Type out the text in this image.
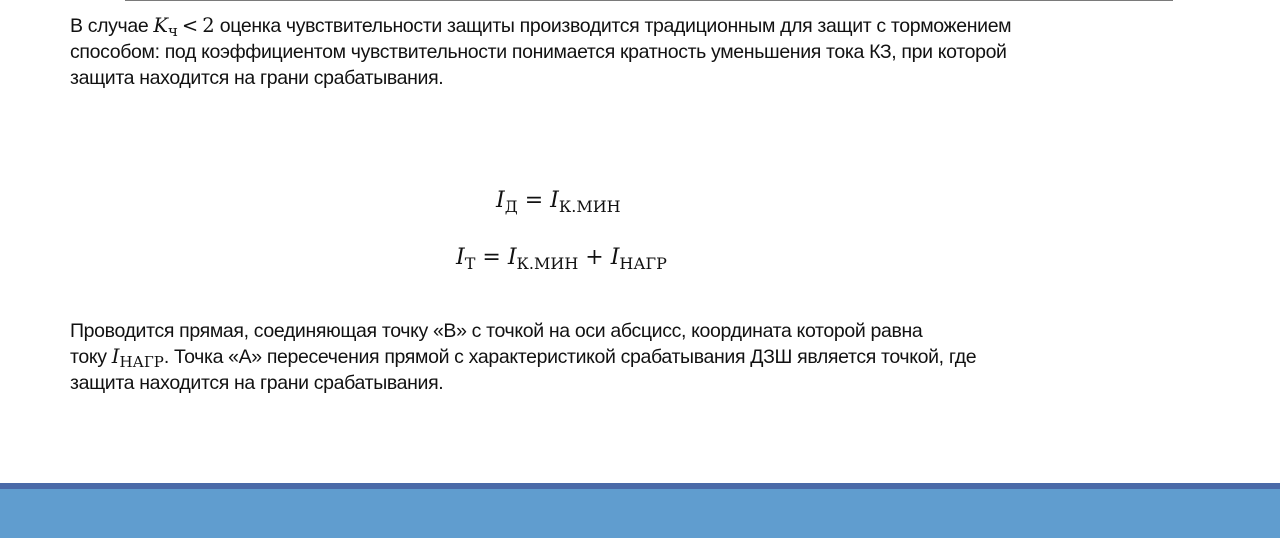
В случае $K_ч < 2$ оценка чувствительности защиты производится традиционным для защит с торможением
способом: под коэффициентом чувствительности понимается кратность уменьшения тока КЗ, при которой
защита находится на грани срабатывания.

$I_Д = I_{К.МИН}$
$I_Т = I_{К.МИН} + I_{НАГР}$

Проводится прямая, соединяющая точку «В» с точкой на оси абсцисс, координата которой равна
току $I_{НАГР}$. Точка «А» пересечения прямой с характеристикой срабатывания ДЗШ является точкой, где
защита находится на грани срабатывания.
